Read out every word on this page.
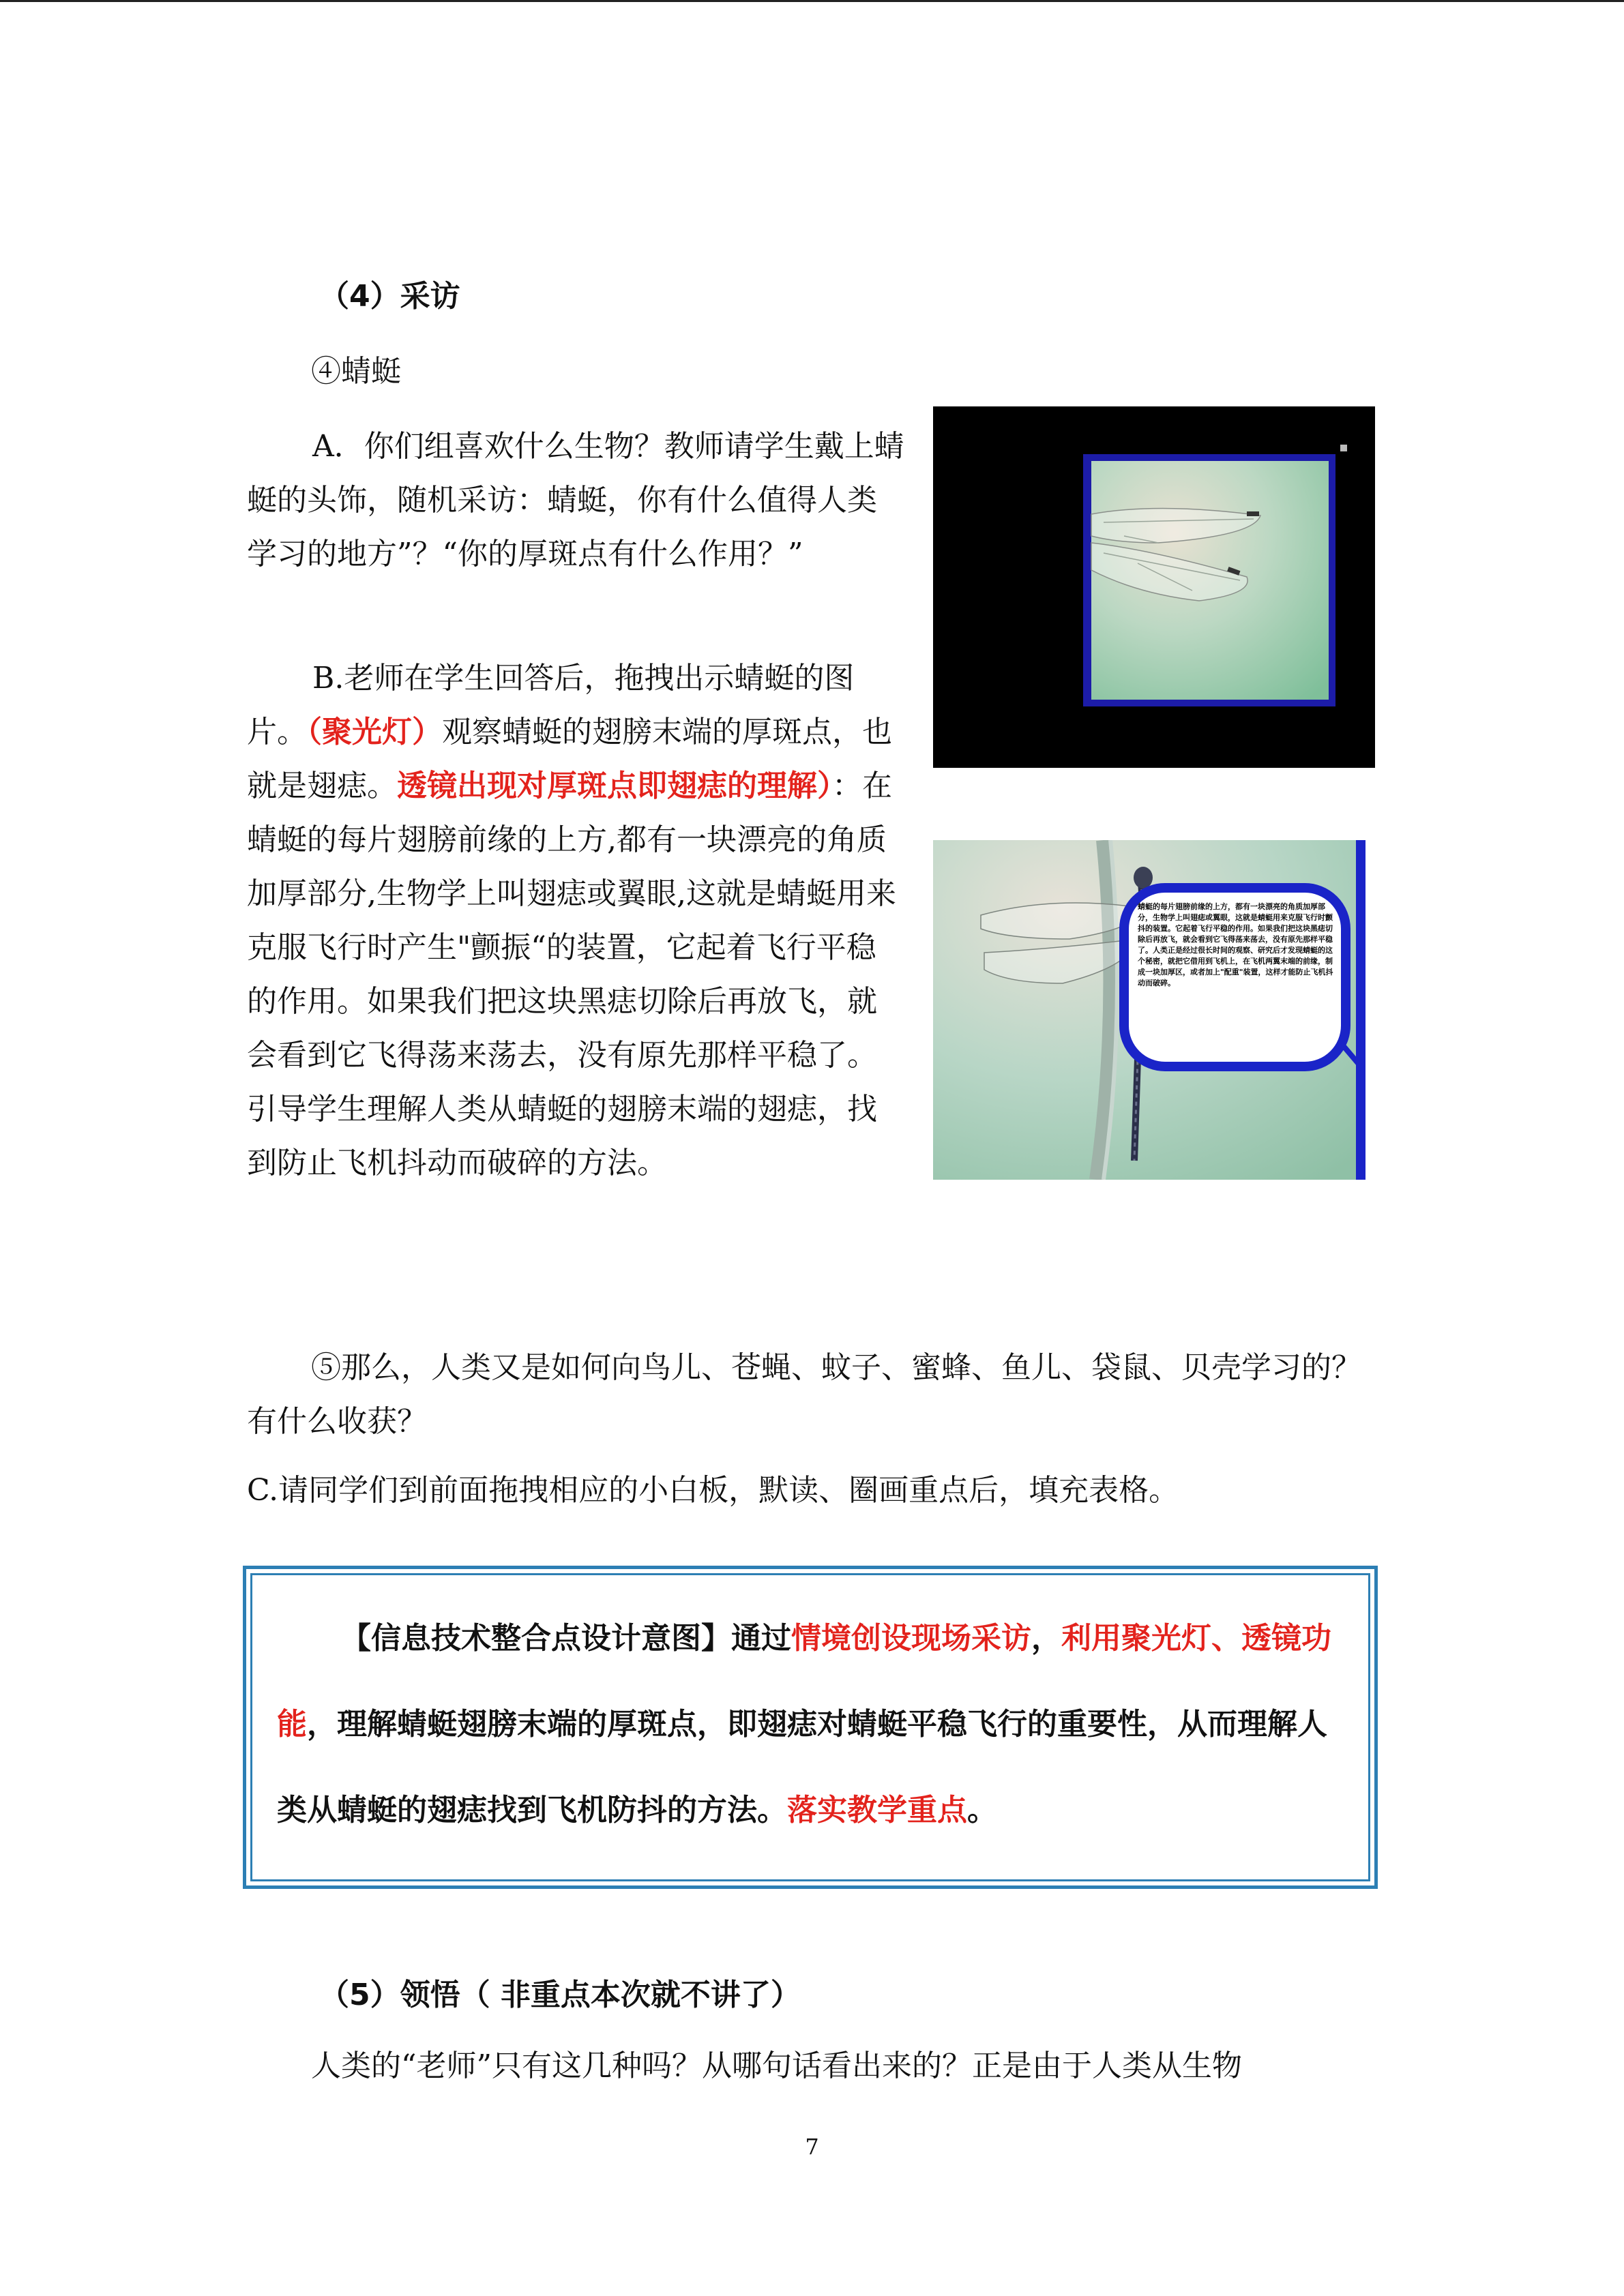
（4）采访
④蜻蜓

A．你们组喜欢什么生物？教师请学生戴上蜻蜓的头饰，随机采访：蜻蜓，你有什么值得人类学习的地方”？“你的厚斑点有什么作用？”

B.老师在学生回答后，拖拽出示蜻蜓的图片。（聚光灯）观察蜻蜓的翅膀末端的厚斑点，也就是翅痣。透镜出现对厚斑点即翅痣的理解）：在蜻蜓的每片翅膀前缘的上方,都有一块漂亮的角质加厚部分,生物学上叫翅痣或翼眼,这就是蜻蜓用来克服飞行时产生"颤振“的装置，它起着飞行平稳的作用。如果我们把这块黑痣切除后再放飞，就会看到它飞得荡来荡去，没有原先那样平稳了。引导学生理解人类从蜻蜓的翅膀末端的翅痣，找到防止飞机抖动而破碎的方法。

蜻蜓的每片翅膀前缘的上方，都有一块漂亮的角质加厚部分，生物学上叫翅痣或翼眼，这就是蜻蜓用来克服飞行时颤抖的装置。它起着飞行平稳的作用。如果我们把这块黑痣切除后再放飞，就会看到它飞得荡来荡去，没有原先那样平稳了。人类正是经过很长时间的观察、研究后才发现蜻蜓的这个秘密，就把它借用到飞机上，在飞机两翼末端的前缘，制成一块加厚区，或者加上"配重"装置，这样才能防止飞机抖动而破碎。
⑤那么，人类又是如何向鸟儿、苍蝇、蚊子、蜜蜂、鱼儿、袋鼠、贝壳学习的？有什么收获？
C.请同学们到前面拖拽相应的小白板，默读、圈画重点后，填充表格。
【信息技术整合点设计意图】通过情境创设现场采访，利用聚光灯、透镜功能，理解蜻蜓翅膀末端的厚斑点，即翅痣对蜻蜓平稳飞行的重要性，从而理解人类从蜻蜓的翅痣找到飞机防抖的方法。落实教学重点。
（5）领悟（ 非重点本次就不讲了）
人类的“老师”只有这几种吗？从哪句话看出来的？正是由于人类从生物
7
